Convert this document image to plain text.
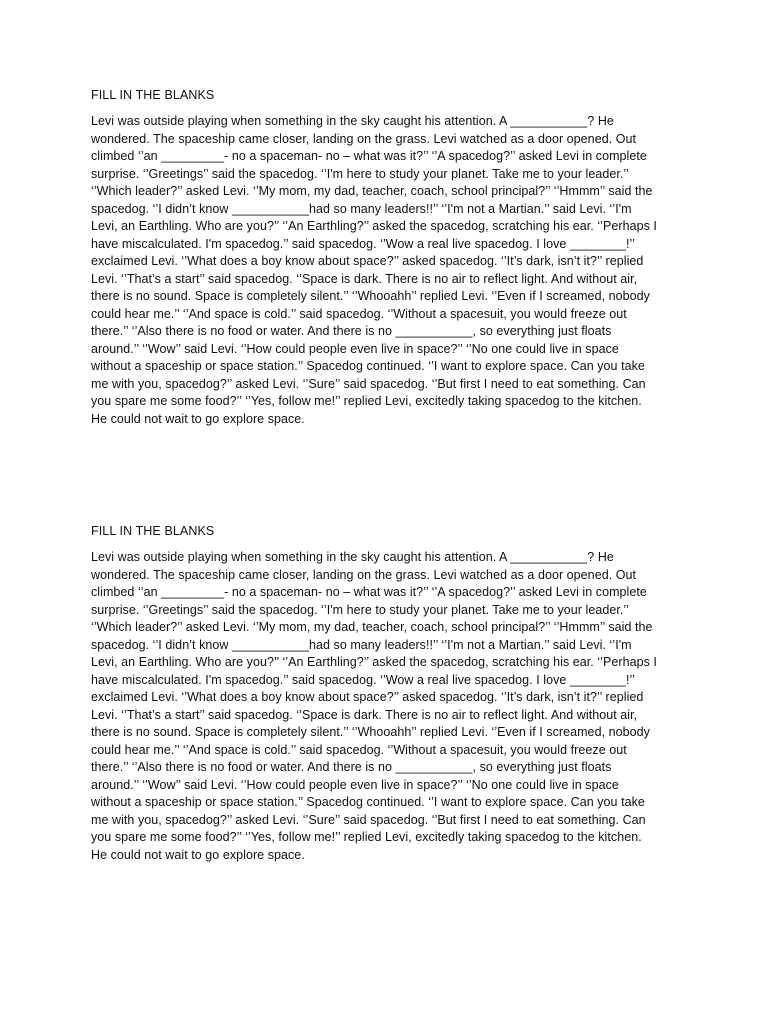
FILL IN THE BLANKS
Levi was outside playing when something in the sky caught his attention. A ___________? He
wondered. The spaceship came closer, landing on the grass. Levi watched as a door opened. Out
climbed ‘’an _________- no a spaceman- no – what was it?’’ ‘’A spacedog?’’ asked Levi in complete
surprise. ‘’Greetings’’ said the spacedog. ‘’I'm here to study your planet. Take me to your leader.’’
‘’Which leader?’’ asked Levi. ‘’My mom, my dad, teacher, coach, school principal?’’ ‘’Hmmm’’ said the
spacedog. ‘’I didn’t know ___________had so many leaders!!’’ ‘’I'm not a Martian.’’ said Levi. ‘’I'm
Levi, an Earthling. Who are you?’’ ‘’An Earthling?’’ asked the spacedog, scratching his ear. ‘’Perhaps I
have miscalculated. I'm spacedog.’’ said spacedog. ‘’Wow a real live spacedog. I love ________!’’
exclaimed Levi. ‘’What does a boy know about space?’’ asked spacedog. ‘’It’s dark, isn’t it?’’ replied
Levi. ‘’That’s a start’’ said spacedog. ‘’Space is dark. There is no air to reflect light. And without air,
there is no sound. Space is completely silent.’’ ‘’Whooahh’’ replied Levi. ‘’Even if I screamed, nobody
could hear me.’’ ‘’And space is cold.’’ said spacedog. ‘’Without a spacesuit, you would freeze out
there.’’ ‘’Also there is no food or water. And there is no ___________, so everything just floats
around.’’ ‘’Wow’’ said Levi. ‘’How could people even live in space?’’ ‘’No one could live in space
without a spaceship or space station.’’ Spacedog continued. ‘’I want to explore space. Can you take
me with you, spacedog?’’ asked Levi. ‘’Sure’’ said spacedog. ‘’But first I need to eat something. Can
you spare me some food?’’ ‘’Yes, follow me!’’ replied Levi, excitedly taking spacedog to the kitchen.
He could not wait to go explore space.
FILL IN THE BLANKS
Levi was outside playing when something in the sky caught his attention. A ___________? He
wondered. The spaceship came closer, landing on the grass. Levi watched as a door opened. Out
climbed ‘’an _________- no a spaceman- no – what was it?’’ ‘’A spacedog?’’ asked Levi in complete
surprise. ‘’Greetings’’ said the spacedog. ‘’I'm here to study your planet. Take me to your leader.’’
‘’Which leader?’’ asked Levi. ‘’My mom, my dad, teacher, coach, school principal?’’ ‘’Hmmm’’ said the
spacedog. ‘’I didn’t know ___________had so many leaders!!’’ ‘’I'm not a Martian.’’ said Levi. ‘’I'm
Levi, an Earthling. Who are you?’’ ‘’An Earthling?’’ asked the spacedog, scratching his ear. ‘’Perhaps I
have miscalculated. I'm spacedog.’’ said spacedog. ‘’Wow a real live spacedog. I love ________!’’
exclaimed Levi. ‘’What does a boy know about space?’’ asked spacedog. ‘’It’s dark, isn’t it?’’ replied
Levi. ‘’That’s a start’’ said spacedog. ‘’Space is dark. There is no air to reflect light. And without air,
there is no sound. Space is completely silent.’’ ‘’Whooahh’’ replied Levi. ‘’Even if I screamed, nobody
could hear me.’’ ‘’And space is cold.’’ said spacedog. ‘’Without a spacesuit, you would freeze out
there.’’ ‘’Also there is no food or water. And there is no ___________, so everything just floats
around.’’ ‘’Wow’’ said Levi. ‘’How could people even live in space?’’ ‘’No one could live in space
without a spaceship or space station.’’ Spacedog continued. ‘’I want to explore space. Can you take
me with you, spacedog?’’ asked Levi. ‘’Sure’’ said spacedog. ‘’But first I need to eat something. Can
you spare me some food?’’ ‘’Yes, follow me!’’ replied Levi, excitedly taking spacedog to the kitchen.
He could not wait to go explore space.
